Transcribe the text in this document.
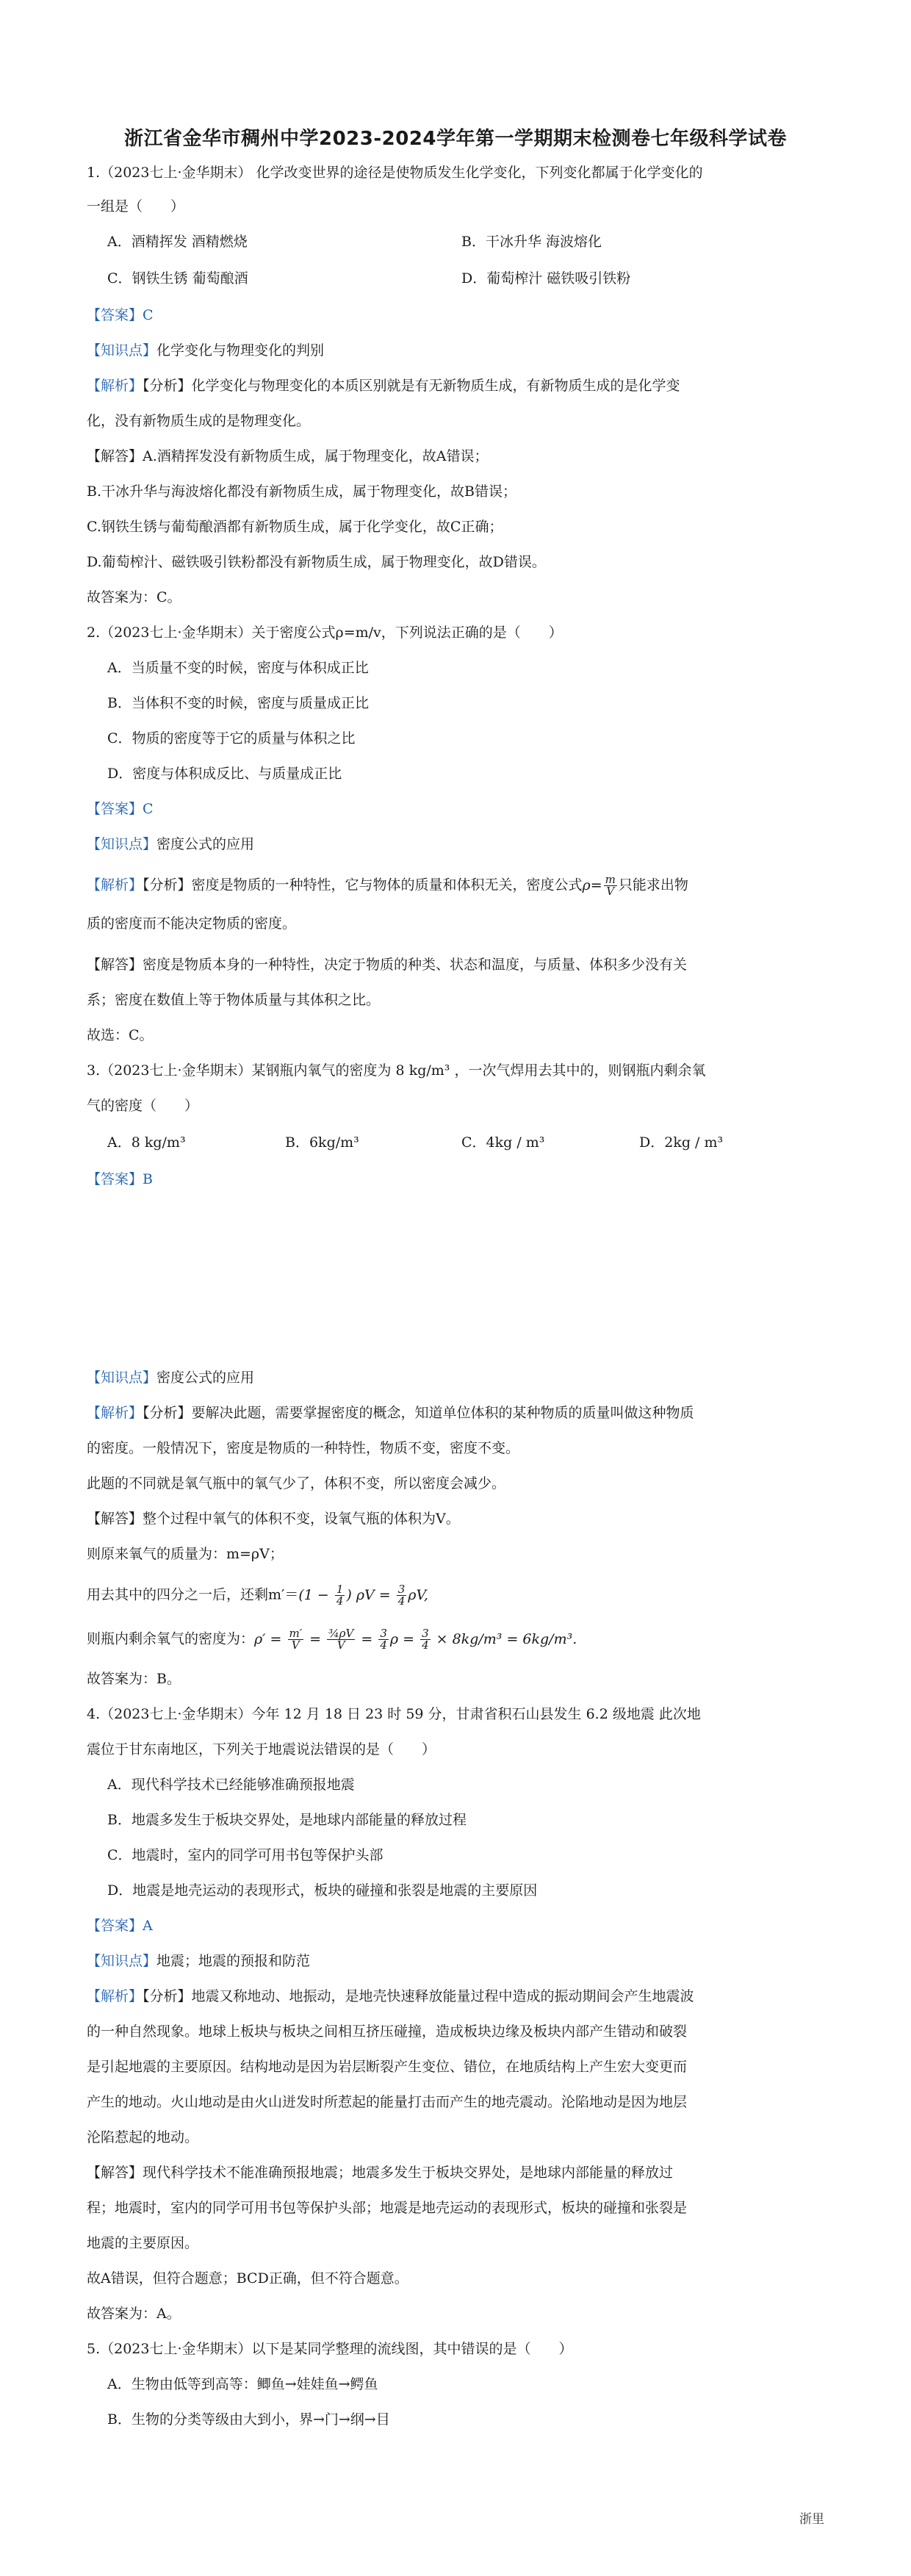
浙江省金华市稠州中学2023-2024学年第一学期期末检测卷七年级科学试卷
1.（2023七上·金华期末） 化学改变世界的途径是使物质发生化学变化，下列变化都属于化学变化的
一组是（　　）
A．酒精挥发 酒精燃烧	B．干冰升华 海波熔化
C．钢铁生锈 葡萄酿酒	D．葡萄榨汁 磁铁吸引铁粉
【答案】C
【知识点】化学变化与物理变化的判别
【解析】【分析】化学变化与物理变化的本质区别就是有无新物质生成，有新物质生成的是化学变
化，没有新物质生成的是物理变化。
【解答】A.酒精挥发没有新物质生成，属于物理变化，故A错误；
B.干冰升华与海波熔化都没有新物质生成，属于物理变化，故B错误；
C.钢铁生锈与葡萄酿酒都有新物质生成，属于化学变化，故C正确；
D.葡萄榨汁、磁铁吸引铁粉都没有新物质生成，属于物理变化，故D错误。
故答案为：C。
2.（2023七上·金华期末）关于密度公式ρ=m/v，下列说法正确的是（　　）
A．当质量不变的时候，密度与体积成正比
B．当体积不变的时候，密度与质量成正比
C．物质的密度等于它的质量与体积之比
D．密度与体积成反比、与质量成正比
【答案】C
【知识点】密度公式的应用
【解析】【分析】密度是物质的一种特性，它与物体的质量和体积无关，密度公式$\rho= \frac{m}{V}$ 只能求出物
质的密度而不能决定物质的密度。
【解答】密度是物质本身的一种特性，决定于物质的种类、状态和温度，与质量、体积多少没有关
系；密度在数值上等于物体质量与其体积之比。
故选：C。
3.（2023七上·金华期末）某钢瓶内氧气的密度为 8 kg/m³ ，一次气焊用去其中的，则钢瓶内剩余氧
气的密度（　　）
A．8 kg/m³	B．6kg/m³	C．4kg / m³	D．2kg / m³
【答案】B
【知识点】密度公式的应用
【解析】【分析】要解决此题，需要掌握密度的概念，知道单位体积的某种物质的质量叫做这种物质
的密度。一般情况下，密度是物质的一种特性，物质不变，密度不变。
此题的不同就是氧气瓶中的氧气少了，体积不变，所以密度会减少。
【解答】整个过程中氧气的体积不变，设氧气瓶的体积为V。
则原来氧气的质量为：m=ρV；
用去其中的四分之一后，还剩$m'=(1 - \frac{1}{4}$ ) $\rho V = \frac{3}{4} \rho V$,
则瓶内剩余氧气的密度为：$\rho' = \frac{m'}{V} = \frac{\text{¾ρV}}{V} = \frac{3}{4}$ $\rho = \frac{3}{4} \times 8kg/m^3 = 6kg/m^3$.
故答案为：B。
4.（2023七上·金华期末）今年 12 月 18 日 23 时 59 分，甘肃省积石山县发生 6.2 级地震 此次地
震位于甘东南地区，下列关于地震说法错误的是（　　）
A．现代科学技术已经能够准确预报地震
B．地震多发生于板块交界处，是地球内部能量的释放过程
C．地震时，室内的同学可用书包等保护头部
D．地震是地壳运动的表现形式，板块的碰撞和张裂是地震的主要原因
【答案】A
【知识点】地震；地震的预报和防范
【解析】【分析】地震又称地动、地振动，是地壳快速释放能量过程中造成的振动期间会产生地震波
的一种自然现象。地球上板块与板块之间相互挤压碰撞，造成板块边缘及板块内部产生错动和破裂
是引起地震的主要原因。结构地动是因为岩层断裂产生变位、错位，在地质结构上产生宏大变更而
产生的地动。火山地动是由火山迸发时所惹起的能量打击而产生的地壳震动。沦陷地动是因为地层
沦陷惹起的地动。
【解答】现代科学技术不能准确预报地震；地震多发生于板块交界处，是地球内部能量的释放过
程；地震时，室内的同学可用书包等保护头部；地震是地壳运动的表现形式，板块的碰撞和张裂是
地震的主要原因。
故A错误，但符合题意；BCD正确，但不符合题意。
故答案为：A。
5.（2023七上·金华期末）以下是某同学整理的流线图，其中错误的是（　　）
A．生物由低等到高等：鲫鱼→娃娃鱼→鳄鱼
B．生物的分类等级由大到小，界→门→纲→目
浙里
